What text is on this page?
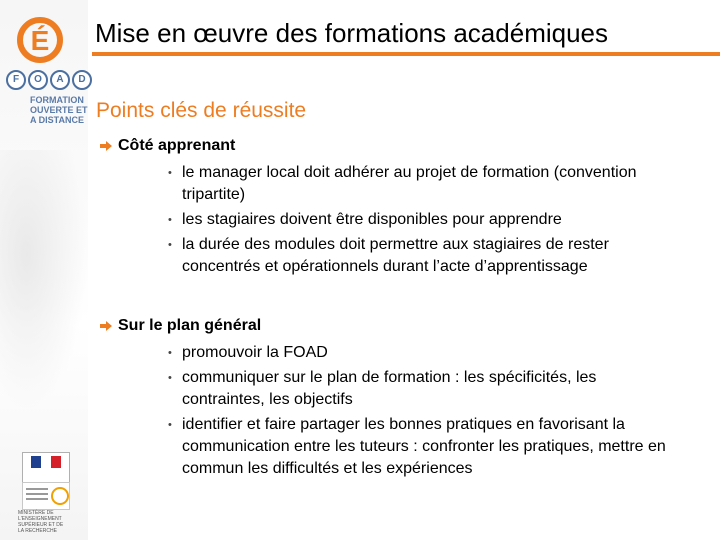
É
F	O	A	D
FORMATION
OUVERTE ET
A DISTANCE
MINISTÈRE DE
L'ENSEIGNEMENT
SUPÉRIEUR ET DE
LA RECHERCHE
Mise en œuvre des formations académiques
Points clés de réussite
Côté apprenant
• le manager local doit adhérer au projet de formation (convention tripartite)
• les stagiaires doivent être disponibles pour apprendre
• la durée des modules doit permettre aux stagiaires de rester concentrés et opérationnels durant l’acte d’apprentissage
Sur le plan général
• promouvoir la FOAD
• communiquer sur le plan de formation : les spécificités, les contraintes, les objectifs
• identifier et faire partager les bonnes pratiques en favorisant la communication entre les tuteurs : confronter les pratiques, mettre en commun les difficultés et les expériences
